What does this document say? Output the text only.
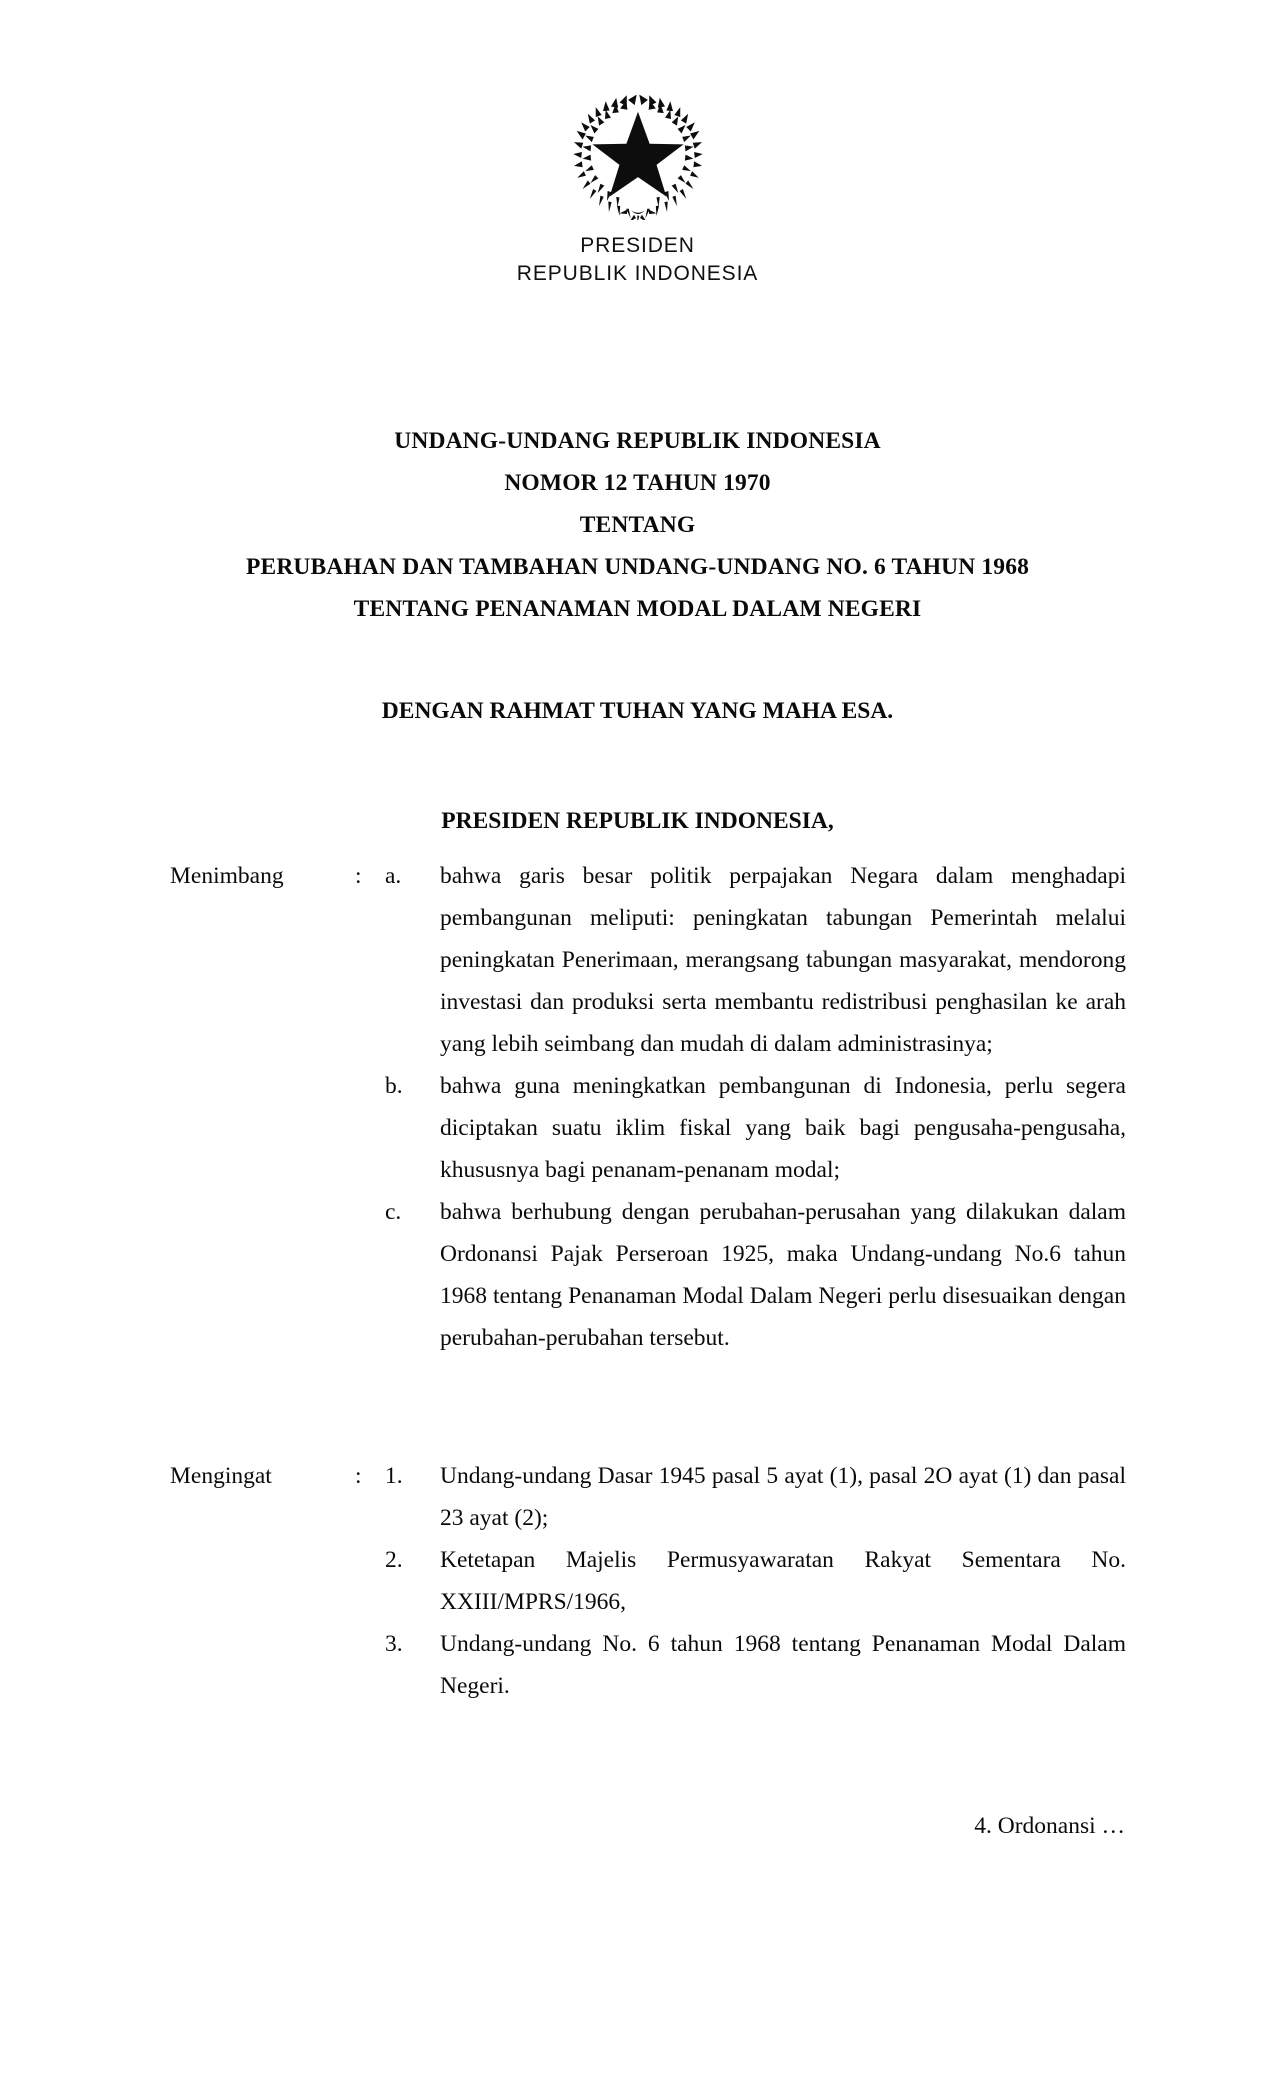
PRESIDEN
REPUBLIK INDONESIA
UNDANG-UNDANG REPUBLIK INDONESIA
NOMOR 12 TAHUN 1970
TENTANG
PERUBAHAN DAN TAMBAHAN UNDANG-UNDANG NO. 6 TAHUN 1968
TENTANG PENANAMAN MODAL DALAM NEGERI
DENGAN RAHMAT TUHAN YANG MAHA ESA.
PRESIDEN REPUBLIK INDONESIA,
Menimbang	: a.	bahwa garis besar politik perpajakan Negara dalam menghadapi pembangunan meliputi: peningkatan tabungan Pemerintah melalui peningkatan Penerimaan, merangsang tabungan masyarakat, mendorong investasi dan produksi serta membantu redistribusi penghasilan ke arah yang lebih seimbang dan mudah di dalam administrasinya;
b.	bahwa guna meningkatkan pembangunan di Indonesia, perlu segera diciptakan suatu iklim fiskal yang baik bagi pengusaha-pengusaha, khususnya bagi penanam-penanam modal;
c.	bahwa berhubung dengan perubahan-perusahan yang dilakukan dalam Ordonansi Pajak Perseroan 1925, maka Undang-undang No.6 tahun 1968 tentang Penanaman Modal Dalam Negeri perlu disesuaikan dengan perubahan-perubahan tersebut.
Mengingat	: 1.	Undang-undang Dasar 1945 pasal 5 ayat (1), pasal 2O ayat (1) dan pasal 23 ayat (2);
2.	Ketetapan Majelis Permusyawaratan Rakyat Sementara No. XXIII/MPRS/1966,
3.	Undang-undang No. 6 tahun 1968 tentang Penanaman Modal Dalam Negeri.
4. Ordonansi …
